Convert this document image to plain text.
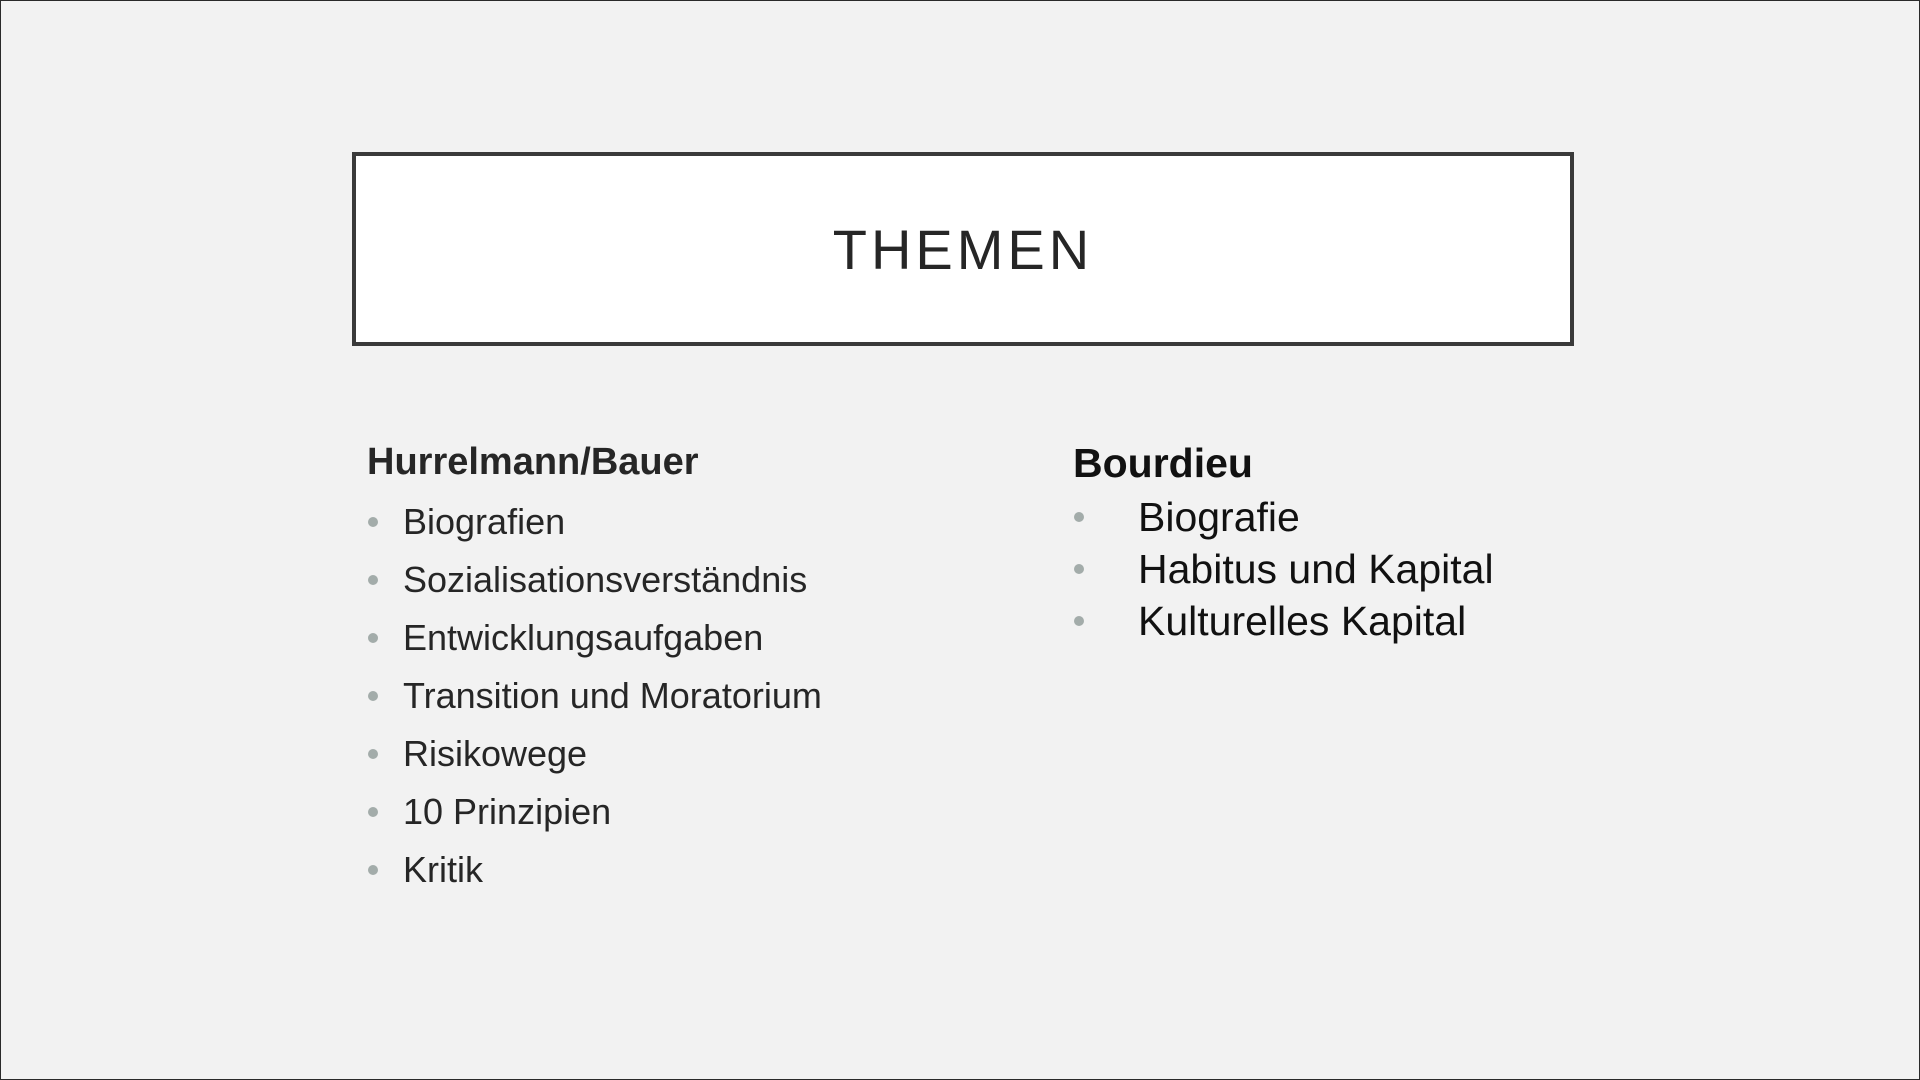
THEMEN
Hurrelmann/Bauer
Biografien
Sozialisationsverständnis
Entwicklungsaufgaben
Transition und Moratorium
Risikowege
10 Prinzipien
Kritik
Bourdieu
Biografie
Habitus und Kapital
Kulturelles Kapital
